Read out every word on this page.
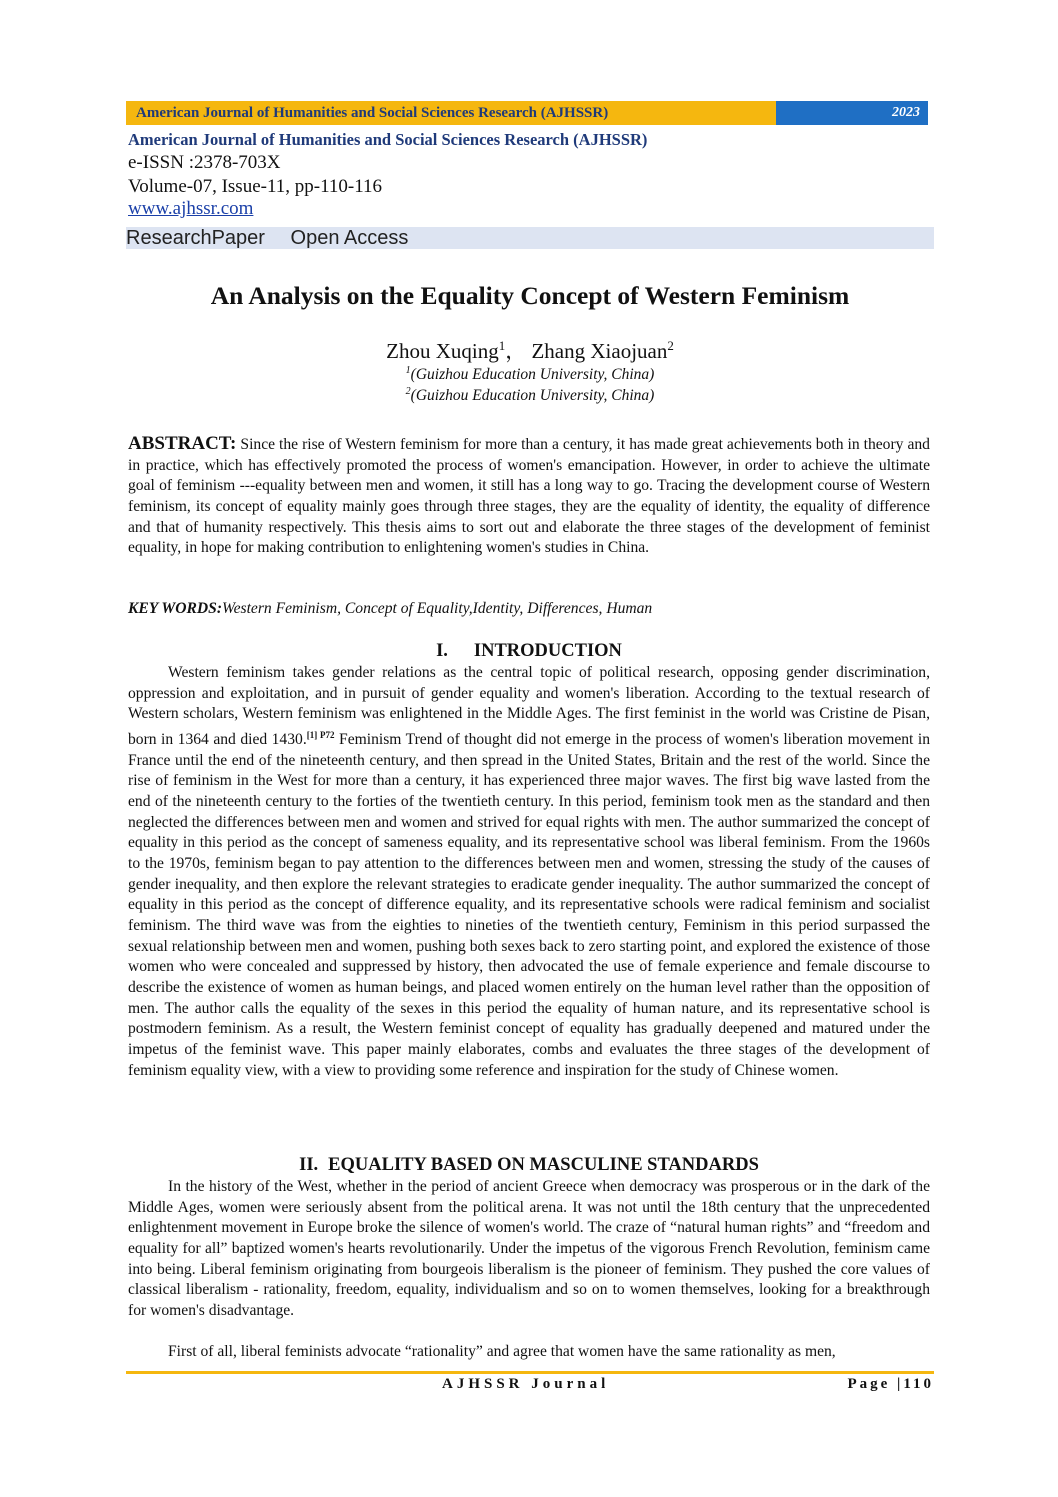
American Journal of Humanities and Social Sciences Research (AJHSSR)	2023
American Journal of Humanities and Social Sciences Research (AJHSSR)
e-ISSN :2378-703X
Volume-07, Issue-11, pp-110-116
www.ajhssr.com
ResearchPaper Open Access
An Analysis on the Equality Concept of Western Feminism
Zhou Xuqing$^1$， Zhang Xiaojuan$^2$
$^1$(Guizhou Education University, China)
$^2$(Guizhou Education University, China)
ABSTRACT: Since the rise of Western feminism for more than a century, it has made great achievements both in theory and in practice, which has effectively promoted the process of women's emancipation. However, in order to achieve the ultimate goal of feminism ---equality between men and women, it still has a long way to go. Tracing the development course of Western feminism, its concept of equality mainly goes through three stages, they are the equality of identity, the equality of difference and that of humanity respectively. This thesis aims to sort out and elaborate the three stages of the development of feminist equality, in hope for making contribution to enlightening women's studies in China.
KEY WORDS:Western Feminism, Concept of Equality,Identity, Differences, Human
I. INTRODUCTION
Western feminism takes gender relations as the central topic of political research, opposing gender discrimination, oppression and exploitation, and in pursuit of gender equality and women's liberation. According to the textual research of Western scholars, Western feminism was enlightened in the Middle Ages. The first feminist in the world was Cristine de Pisan, born in 1364 and died 1430.$^{[1] P72}$ Feminism Trend of thought did not emerge in the process of women's liberation movement in France until the end of the nineteenth century, and then spread in the United States, Britain and the rest of the world. Since the rise of feminism in the West for more than a century, it has experienced three major waves. The first big wave lasted from the end of the nineteenth century to the forties of the twentieth century. In this period, feminism took men as the standard and then neglected the differences between men and women and strived for equal rights with men. The author summarized the concept of equality in this period as the concept of sameness equality, and its representative school was liberal feminism. From the 1960s to the 1970s, feminism began to pay attention to the differences between men and women, stressing the study of the causes of gender inequality, and then explore the relevant strategies to eradicate gender inequality. The author summarized the concept of equality in this period as the concept of difference equality, and its representative schools were radical feminism and socialist feminism. The third wave was from the eighties to nineties of the twentieth century, Feminism in this period surpassed the sexual relationship between men and women, pushing both sexes back to zero starting point, and explored the existence of those women who were concealed and suppressed by history, then advocated the use of female experience and female discourse to describe the existence of women as human beings, and placed women entirely on the human level rather than the opposition of men. The author calls the equality of the sexes in this period the equality of human nature, and its representative school is postmodern feminism. As a result, the Western feminist concept of equality has gradually deepened and matured under the impetus of the feminist wave. This paper mainly elaborates, combs and evaluates the three stages of the development of feminism equality view, with a view to providing some reference and inspiration for the study of Chinese women.
II. EQUALITY BASED ON MASCULINE STANDARDS
In the history of the West, whether in the period of ancient Greece when democracy was prosperous or in the dark of the Middle Ages, women were seriously absent from the political arena. It was not until the 18th century that the unprecedented enlightenment movement in Europe broke the silence of women's world. The craze of “natural human rights” and “freedom and equality for all” baptized women's hearts revolutionarily. Under the impetus of the vigorous French Revolution, feminism came into being. Liberal feminism originating from bourgeois liberalism is the pioneer of feminism. They pushed the core values of classical liberalism - rationality, freedom, equality, individualism and so on to women themselves, looking for a breakthrough for women's disadvantage.
First of all, liberal feminists advocate “rationality” and agree that women have the same rationality as men,
AJHSSR Journal	Page |110
